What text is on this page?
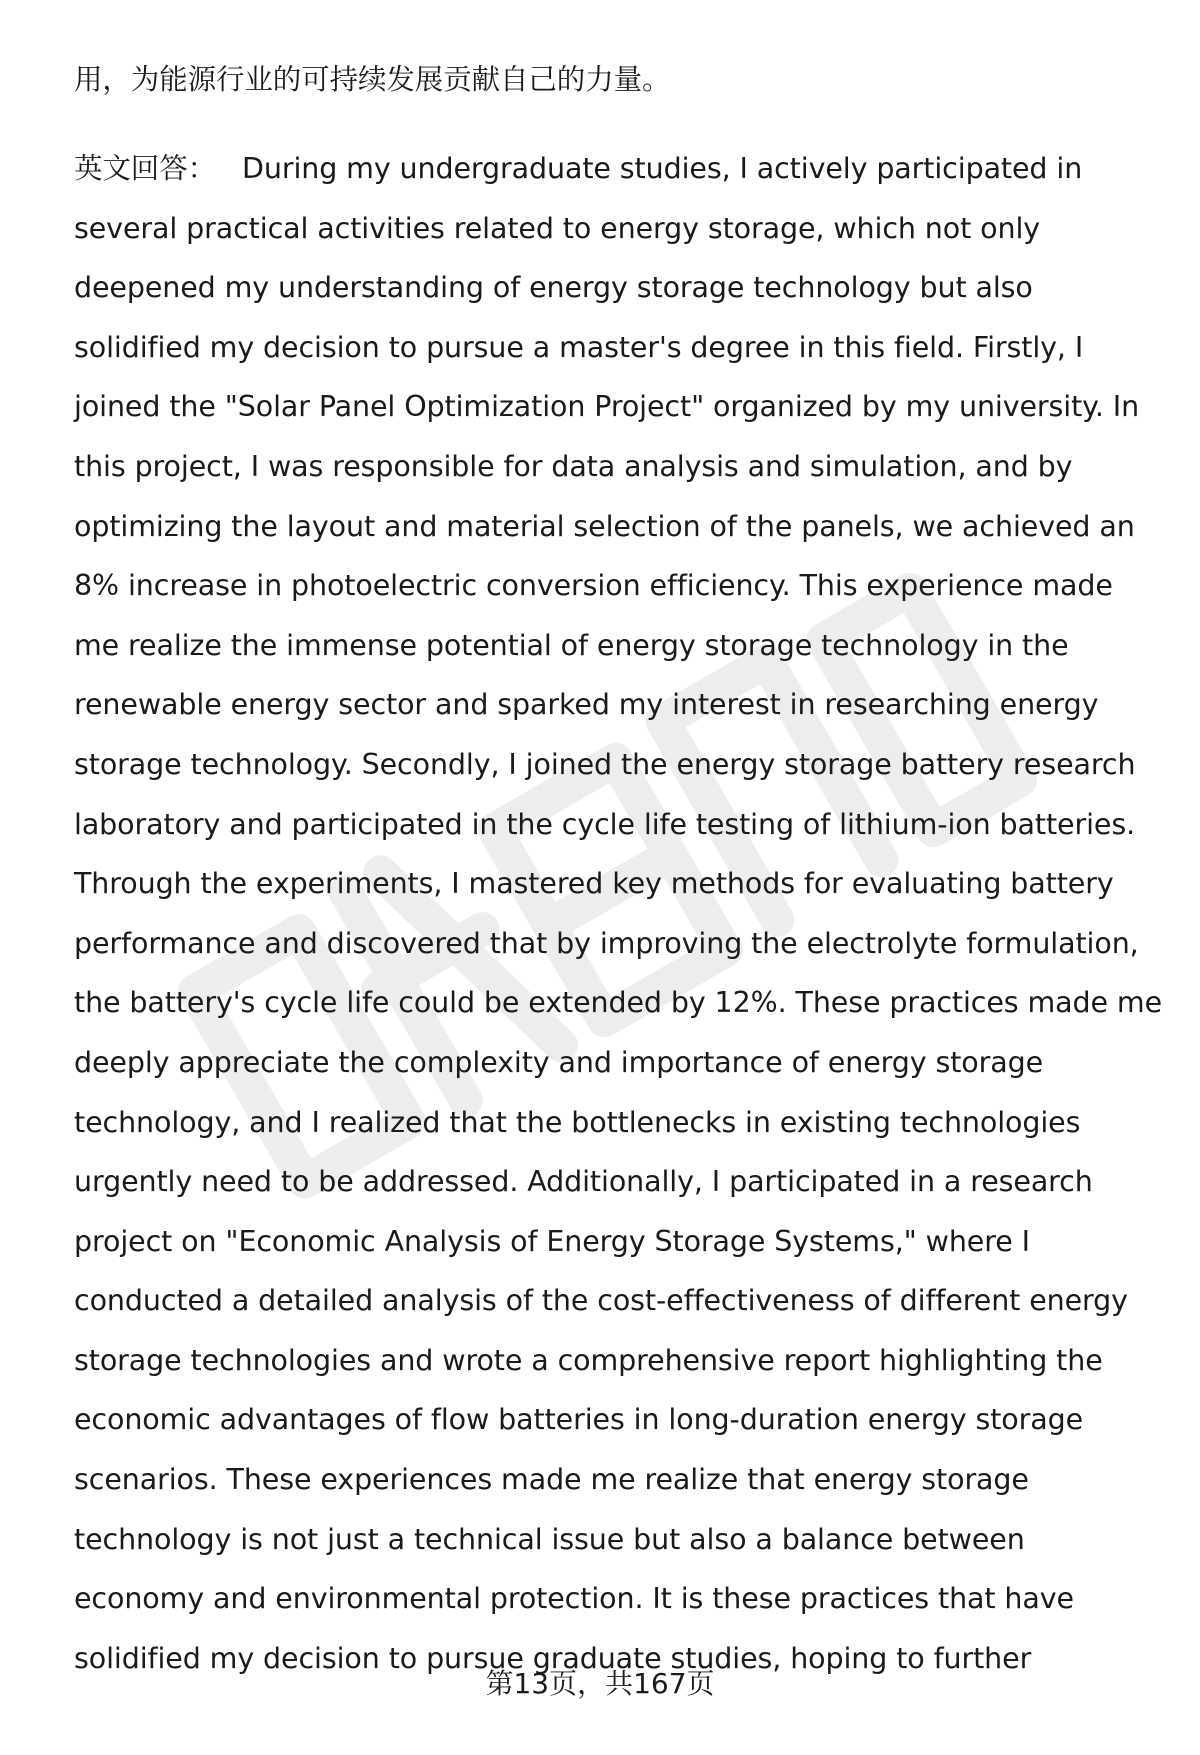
用，为能源行业的可持续发展贡献自己的力量。
英文回答： During my undergraduate studies, I actively participated in
several practical activities related to energy storage, which not only
deepened my understanding of energy storage technology but also
solidified my decision to pursue a master's degree in this field. Firstly, I
joined the "Solar Panel Optimization Project" organized by my university. In
this project, I was responsible for data analysis and simulation, and by
optimizing the layout and material selection of the panels, we achieved an
8% increase in photoelectric conversion efficiency. This experience made
me realize the immense potential of energy storage technology in the
renewable energy sector and sparked my interest in researching energy
storage technology. Secondly, I joined the energy storage battery research
laboratory and participated in the cycle life testing of lithium-ion batteries.
Through the experiments, I mastered key methods for evaluating battery
performance and discovered that by improving the electrolyte formulation,
the battery's cycle life could be extended by 12%. These practices made me
deeply appreciate the complexity and importance of energy storage
technology, and I realized that the bottlenecks in existing technologies
urgently need to be addressed. Additionally, I participated in a research
project on "Economic Analysis of Energy Storage Systems," where I
conducted a detailed analysis of the cost-effectiveness of different energy
storage technologies and wrote a comprehensive report highlighting the
economic advantages of flow batteries in long-duration energy storage
scenarios. These experiences made me realize that energy storage
technology is not just a technical issue but also a balance between
economy and environmental protection. It is these practices that have
solidified my decision to pursue graduate studies, hoping to further
第13页，共167页
